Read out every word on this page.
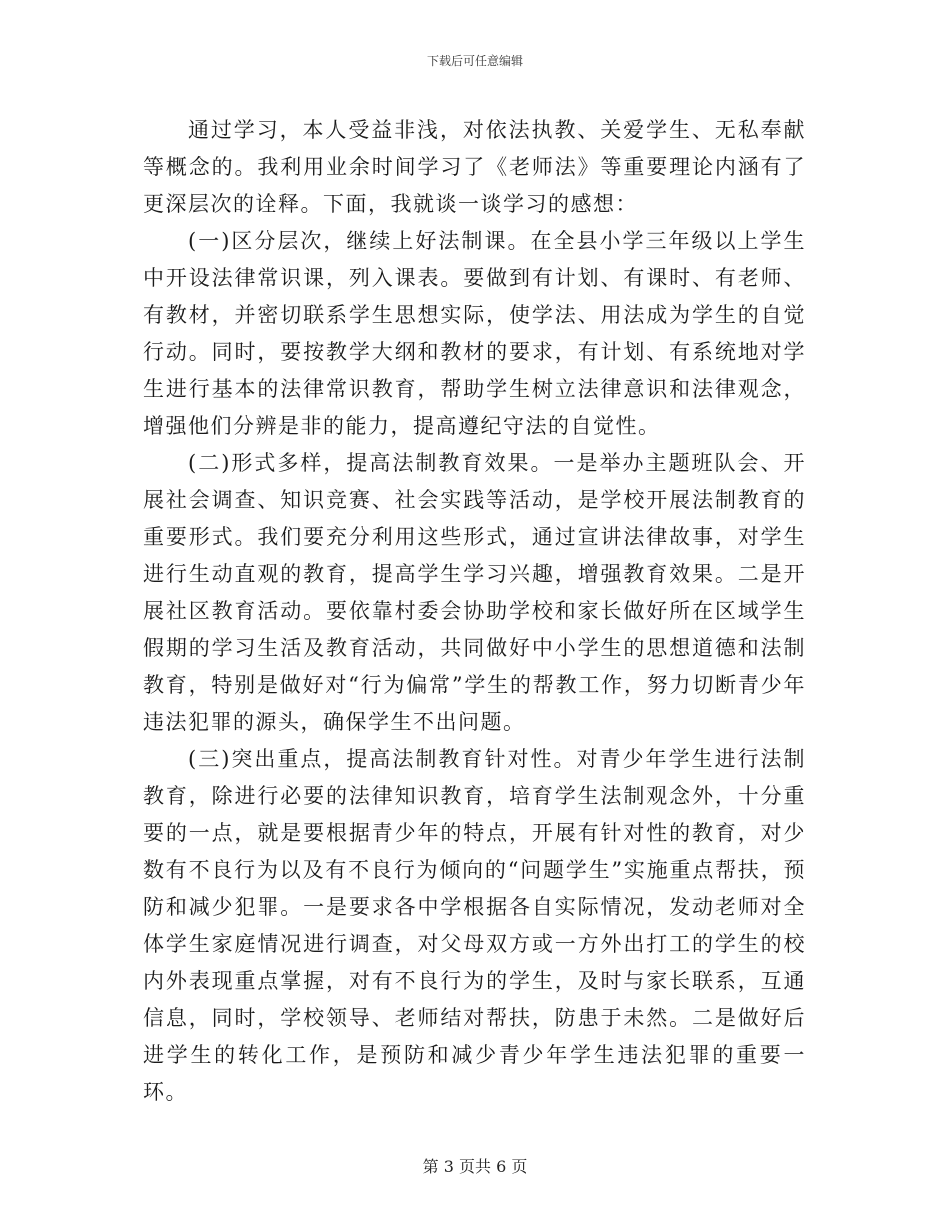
下载后可任意编辑

通过学习，本人受益非浅，对依法执教、关爱学生、无私奉献等概念的。我利用业余时间学习了《老师法》等重要理论内涵有了更深层次的诠释。下面，我就谈一谈学习的感想：

(一)区分层次，继续上好法制课。在全县小学三年级以上学生中开设法律常识课，列入课表。要做到有计划、有课时、有老师、有教材，并密切联系学生思想实际，使学法、用法成为学生的自觉行动。同时，要按教学大纲和教材的要求，有计划、有系统地对学生进行基本的法律常识教育，帮助学生树立法律意识和法律观念，增强他们分辨是非的能力，提高遵纪守法的自觉性。

(二)形式多样，提高法制教育效果。一是举办主题班队会、开展社会调查、知识竞赛、社会实践等活动，是学校开展法制教育的重要形式。我们要充分利用这些形式，通过宣讲法律故事，对学生进行生动直观的教育，提高学生学习兴趣，增强教育效果。二是开展社区教育活动。要依靠村委会协助学校和家长做好所在区域学生假期的学习生活及教育活动，共同做好中小学生的思想道德和法制教育，特别是做好对“行为偏常”学生的帮教工作，努力切断青少年违法犯罪的源头，确保学生不出问题。

(三)突出重点，提高法制教育针对性。对青少年学生进行法制教育，除进行必要的法律知识教育，培育学生法制观念外，十分重要的一点，就是要根据青少年的特点，开展有针对性的教育，对少数有不良行为以及有不良行为倾向的“问题学生”实施重点帮扶，预防和减少犯罪。一是要求各中学根据各自实际情况，发动老师对全体学生家庭情况进行调查，对父母双方或一方外出打工的学生的校内外表现重点掌握，对有不良行为的学生，及时与家长联系，互通信息，同时，学校领导、老师结对帮扶，防患于未然。二是做好后进学生的转化工作，是预防和减少青少年学生违法犯罪的重要一环。

第 3 页共 6 页
